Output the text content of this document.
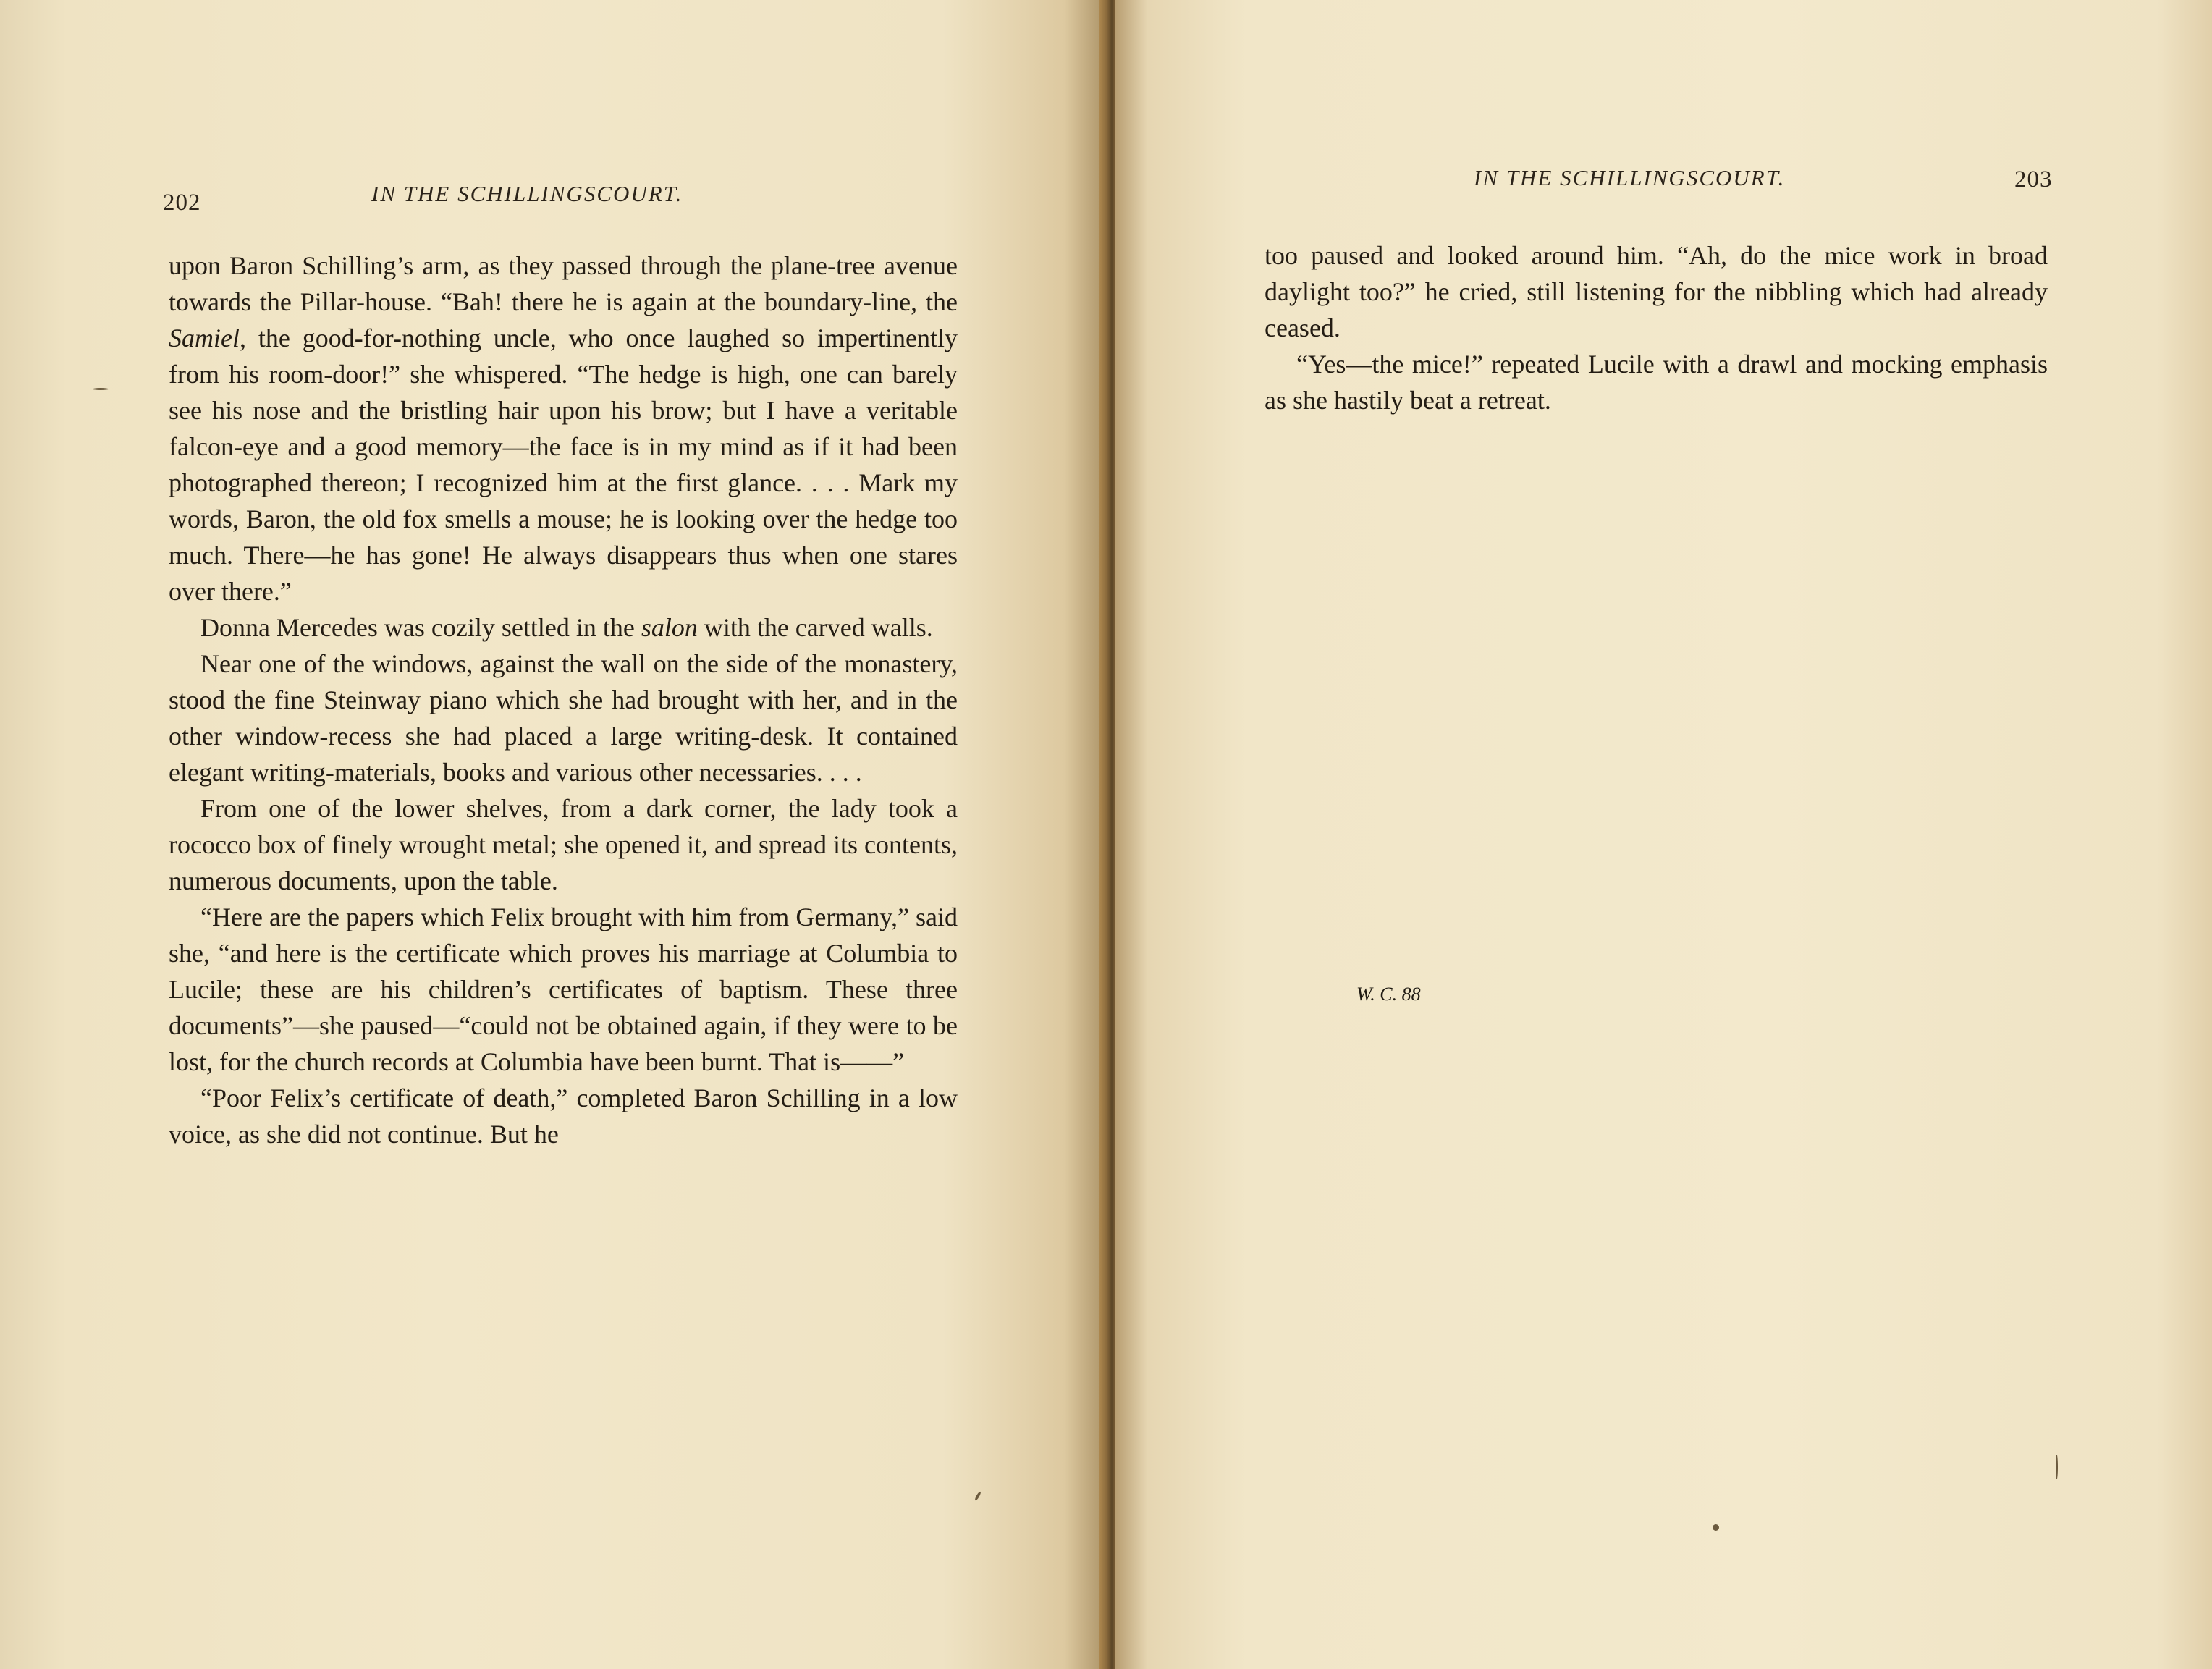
202	IN THE SCHILLINGSCOURT.

upon Baron Schilling’s arm, as they passed through the plane-tree avenue towards the Pillar-house. “Bah! there he is again at the boundary-line, the Samiel, the good-for-nothing uncle, who once laughed so impertinently from his room-door!” she whispered. “The hedge is high, one can barely see his nose and the bristling hair upon his brow; but I have a veritable falcon-eye and a good memory—the face is in my mind as if it had been photographed thereon; I recognized him at the first glance. . . . Mark my words, Baron, the old fox smells a mouse; he is looking over the hedge too much. There—he has gone! He always disappears thus when one stares over there.”

Donna Mercedes was cozily settled in the salon with the carved walls.

Near one of the windows, against the wall on the side of the monastery, stood the fine Steinway piano which she had brought with her, and in the other window-recess she had placed a large writing-desk. It contained elegant writing-materials, books and various other necessaries. . . .

From one of the lower shelves, from a dark corner, the lady took a rococco box of finely wrought metal; she opened it, and spread its contents, numerous documents, upon the table.

“Here are the papers which Felix brought with him from Germany,” said she, “and here is the certificate which proves his marriage at Columbia to Lucile; these are his children’s certificates of baptism. These three documents”—she paused—“could not be obtained again, if they were to be lost, for the church records at Columbia have been burnt. That is——”

“Poor Felix’s certificate of death,” completed Baron Schilling in a low voice, as she did not continue. But he

IN THE SCHILLINGSCOURT.	203

too paused and looked around him. “Ah, do the mice work in broad daylight too?” he cried, still listening for the nibbling which had already ceased.

“Yes—the mice!” repeated Lucile with a drawl and mocking emphasis as she hastily beat a retreat.

W. C. 88
